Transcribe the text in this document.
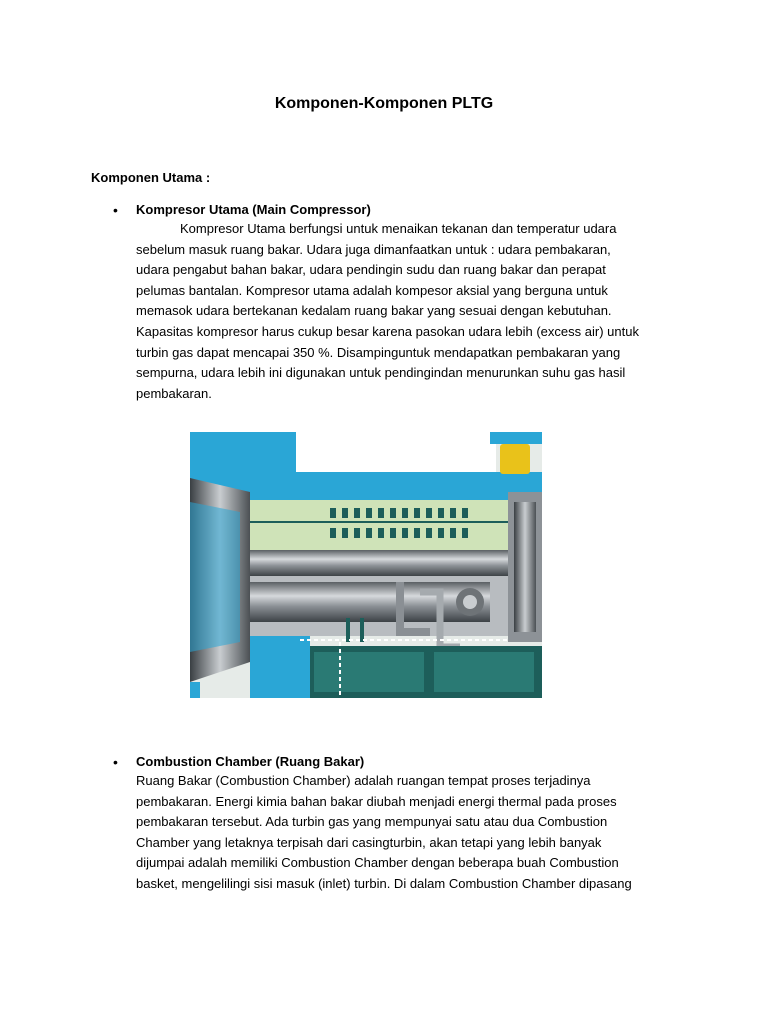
Komponen-Komponen PLTG
Komponen Utama :
• Kompresor Utama (Main Compressor)
Kompresor Utama berfungsi untuk menaikan tekanan dan temperatur udara
sebelum masuk ruang bakar. Udara juga dimanfaatkan untuk : udara pembakaran,
udara pengabut bahan bakar, udara pendingin sudu dan ruang bakar dan perapat
pelumas bantalan. Kompresor utama adalah kompesor aksial yang berguna untuk
memasok udara bertekanan kedalam ruang bakar yang sesuai dengan kebutuhan.
Kapasitas kompresor harus cukup besar karena pasokan udara lebih (excess air) untuk
turbin gas dapat mencapai 350 %. Disampinguntuk mendapatkan pembakaran yang
sempurna, udara lebih ini digunakan untuk pendingindan menurunkan suhu gas hasil
pembakaran.
• Combustion Chamber (Ruang Bakar)
Ruang Bakar (Combustion Chamber) adalah ruangan tempat proses terjadinya
pembakaran. Energi kimia bahan bakar diubah menjadi energi thermal pada proses
pembakaran tersebut. Ada turbin gas yang mempunyai satu atau dua Combustion
Chamber yang letaknya terpisah dari casingturbin, akan tetapi yang lebih banyak
dijumpai adalah memiliki Combustion Chamber dengan beberapa buah Combustion
basket, mengelilingi sisi masuk (inlet) turbin. Di dalam Combustion Chamber dipasang
